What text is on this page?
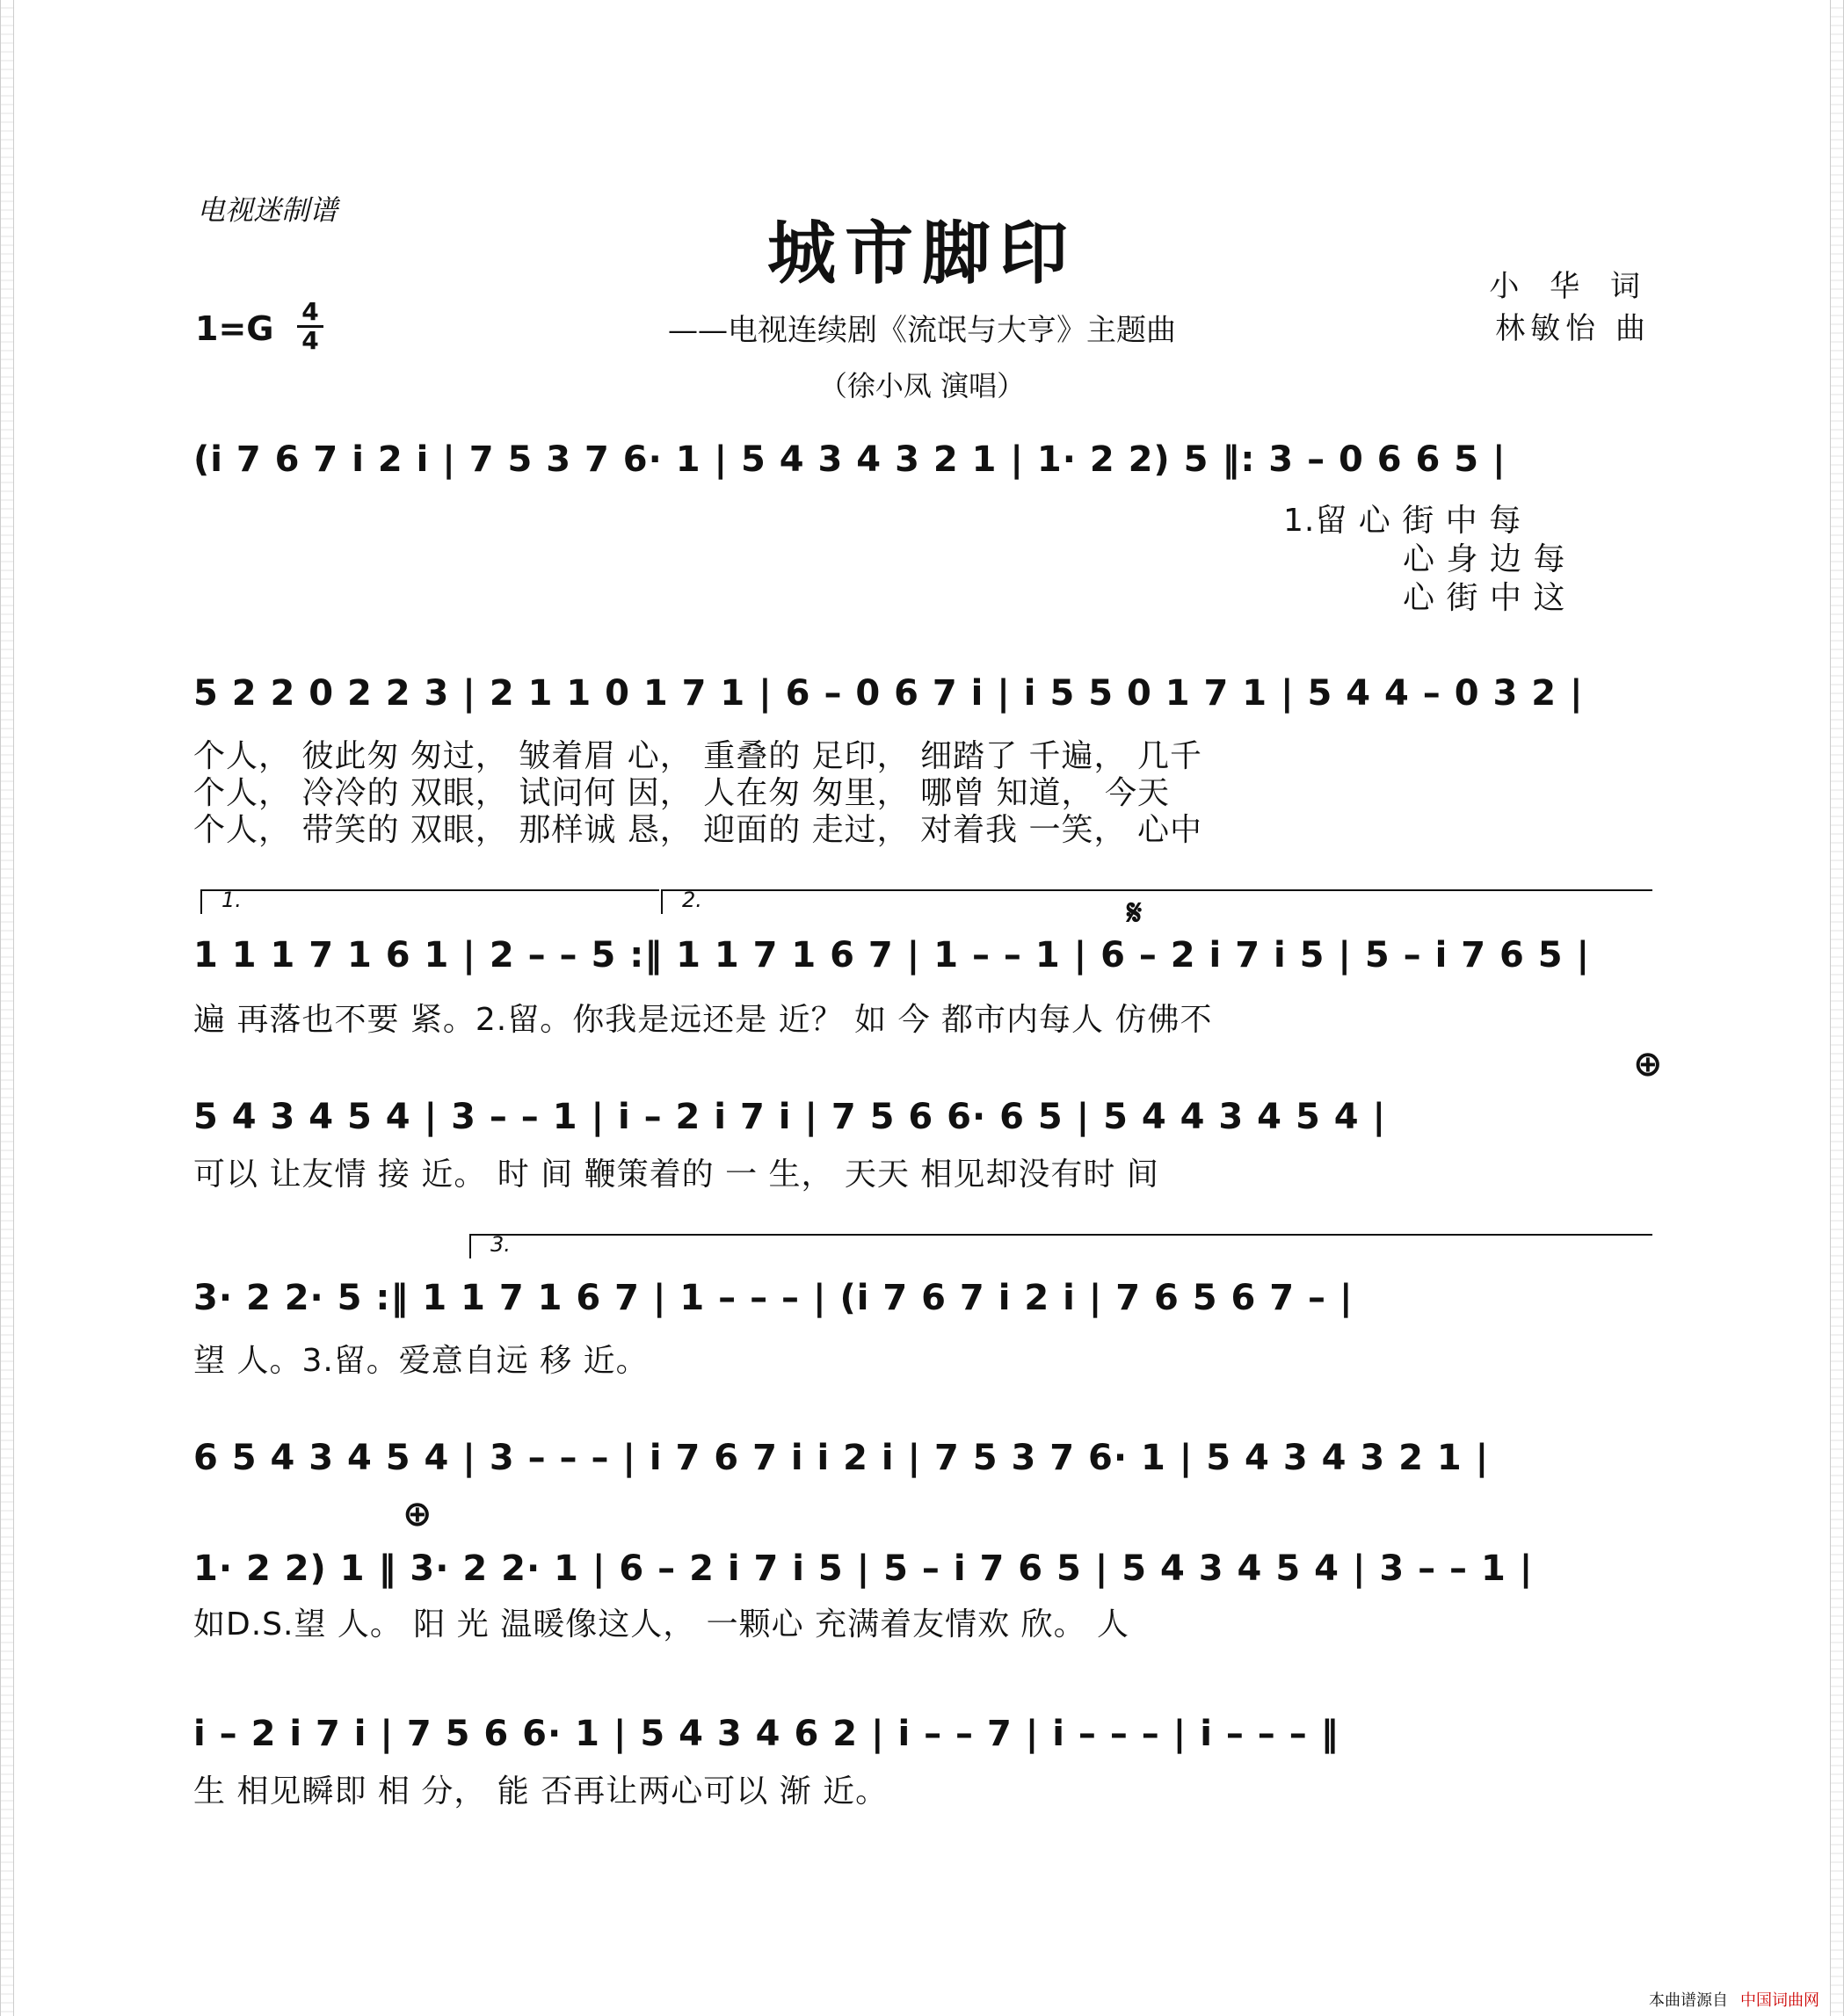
电视迷制谱
城市脚印
1=G 4
4	——电视连续剧《流氓与大亨》主题曲
（徐小凤 演唱）
小 华 词
林敏怡 曲
(i 7 6 7 i 2 i | 7 5 3 7 6· 1 | 5 4 3 4 3 2 1 | 1· 2 2) 5 ‖: 3 – 0 6 6 5 |
1.留 心 街 中 每
心 身 边 每
心 街 中 这
5 2 2 0 2 2 3 | 2 1 1 0 1 7 1 | 6 – 0 6 7 i | i 5 5 0 1 7 1 | 5 4 4 – 0 3 2 |
个人， 彼此匆 匆过， 皱着眉 心， 重叠的 足印， 细踏了 千遍， 几千
个人， 冷冷的 双眼， 试问何 因， 人在匆 匆里， 哪曾 知道， 今天
个人， 带笑的 双眼， 那样诚 恳， 迎面的 走过， 对着我 一笑， 心中
1.	2.	𝄋
1 1 1 7 1 6 1 | 2 – – 5 :‖ 1 1 7 1 6 7 | 1 – – 1 | 6 – 2 i 7 i 5 | 5 – i 7 6 5 |
遍 再落也不要 紧。2.留。你我是远还是 近？ 如 今 都市内每人 仿佛不
⊕
5 4 3 4 5 4 | 3 – – 1 | i – 2 i 7 i | 7 5 6 6· 6 5 | 5 4 4 3 4 5 4 |
可以 让友情 接 近。 时 间 鞭策着的 一 生， 天天 相见却没有时 间
3.
3· 2 2· 5 :‖ 1 1 7 1 6 7 | 1 – – – | (i 7 6 7 i 2 i | 7 6 5 6 7 – |
望 人。3.留。爱意自远 移 近。
6 5 4 3 4 5 4 | 3 – – – | i 7 6 7 i i 2 i | 7 5 3 7 6· 1 | 5 4 3 4 3 2 1 |
⊕
1· 2 2) 1 ‖ 3· 2 2· 1 | 6 – 2 i 7 i 5 | 5 – i 7 6 5 | 5 4 3 4 5 4 | 3 – – 1 |
如D.S.望 人。 阳 光 温暖像这人， 一颗心 充满着友情欢 欣。 人
i – 2 i 7 i | 7 5 6 6· 1 | 5 4 3 4 6 2 | i – – 7 | i – – – | i – – – ‖
生 相见瞬即 相 分， 能 否再让两心可以 渐 近。
本曲谱源自 中国词曲网
